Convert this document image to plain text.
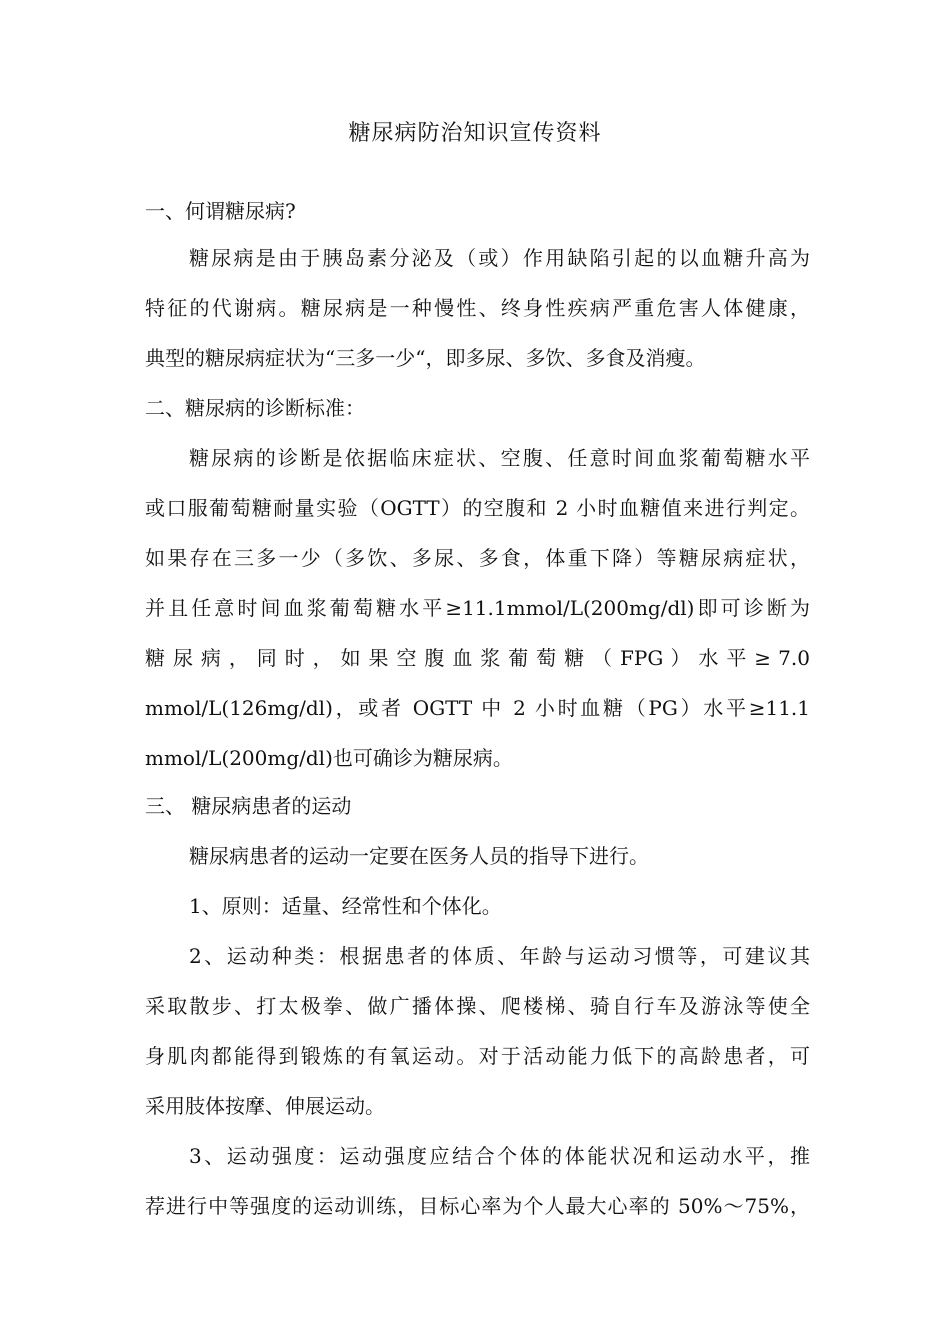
糖尿病防治知识宣传资料
一、何谓糖尿病?
糖尿病是由于胰岛素分泌及（或）作用缺陷引起的以血糖升高为
特征的代谢病。糖尿病是一种慢性、终身性疾病严重危害人体健康，
典型的糖尿病症状为“三多一少“，即多尿、多饮、多食及消瘦。
二、糖尿病的诊断标准：
糖尿病的诊断是依据临床症状、空腹、任意时间血浆葡萄糖水平
或口服葡萄糖耐量实验（OGTT）的空腹和 2 小时血糖值来进行判定。
如果存在三多一少（多饮、多尿、多食，体重下降）等糖尿病症状，
并且任意时间血浆葡萄糖水平≥11.1mmol/L(200mg/dl)即可诊断为
糖 尿 病 ， 同 时 ， 如 果 空 腹 血 浆 葡 萄 糖 （ FPG ） 水 平 ≥ 7.0
mmol/L(126mg/dl)，或者 OGTT 中 2 小时血糖（PG）水平≥11.1
mmol/L(200mg/dl)也可确诊为糖尿病。
三、 糖尿病患者的运动
糖尿病患者的运动一定要在医务人员的指导下进行。
1、原则：适量、经常性和个体化。
2、运动种类：根据患者的体质、年龄与运动习惯等，可建议其
采取散步、打太极拳、做广播体操、爬楼梯、骑自行车及游泳等使全
身肌肉都能得到锻炼的有氧运动。对于活动能力低下的高龄患者，可
采用肢体按摩、伸展运动。
3、运动强度：运动强度应结合个体的体能状况和运动水平，推
荐进行中等强度的运动训练，目标心率为个人最大心率的 50%～75%，
